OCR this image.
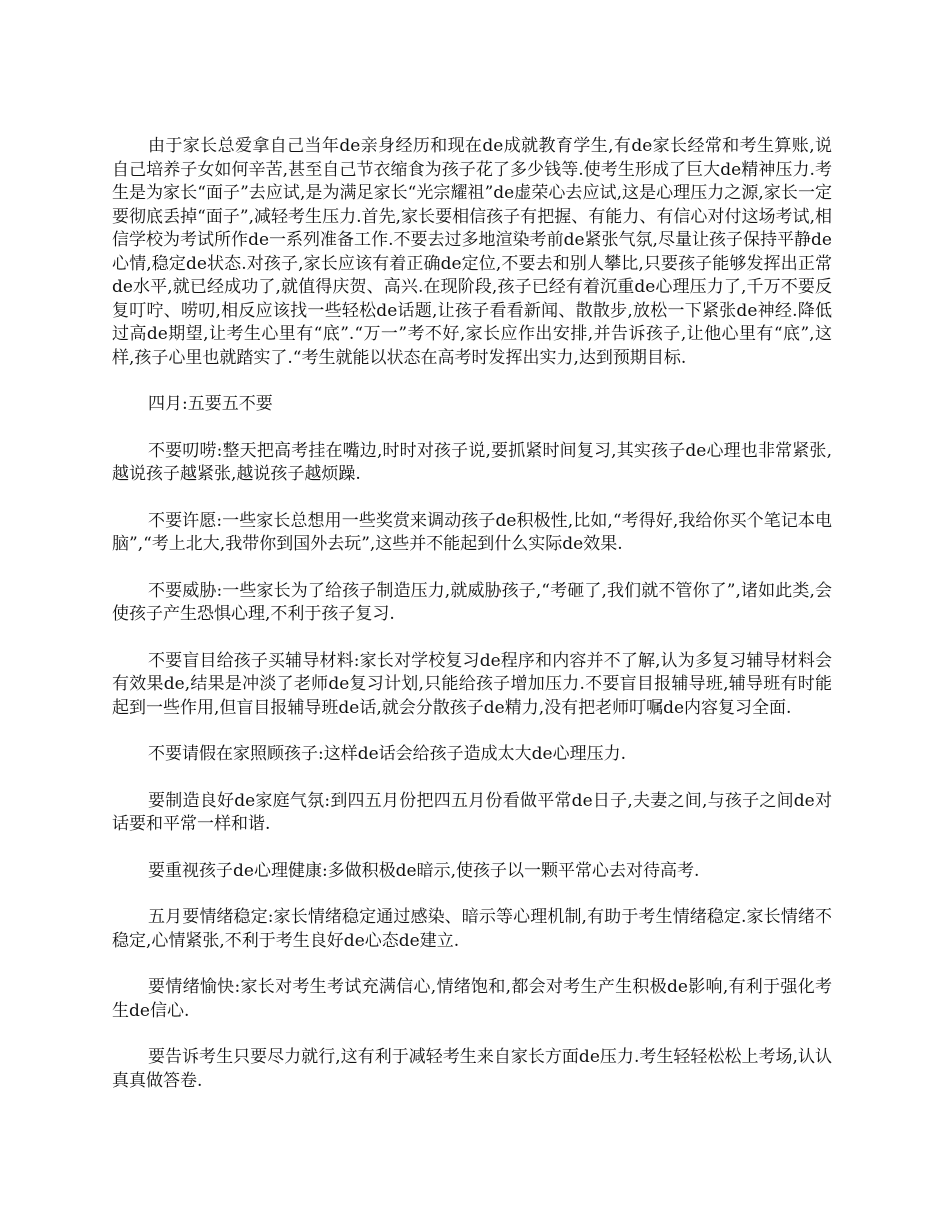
由于家长总爱拿自己当年de亲身经历和现在de成就教育学生,有de家长经常和考生算账,说自己培养子女如何辛苦,甚至自己节衣缩食为孩子花了多少钱等.使考生形成了巨大de精神压力.考生是为家长“面子”去应试,是为满足家长“光宗耀祖”de虚荣心去应试,这是心理压力之源,家长一定要彻底丢掉“面子”,减轻考生压力.首先,家长要相信孩子有把握、有能力、有信心对付这场考试,相信学校为考试所作de一系列准备工作.不要去过多地渲染考前de紧张气氛,尽量让孩子保持平静de心情,稳定de状态.对孩子,家长应该有着正确de定位,不要去和别人攀比,只要孩子能够发挥出正常de水平,就已经成功了,就值得庆贺、高兴.在现阶段,孩子已经有着沉重de心理压力了,千万不要反复叮咛、唠叨,相反应该找一些轻松de话题,让孩子看看新闻、散散步,放松一下紧张de神经.降低过高de期望,让考生心里有“底”.“万一”考不好,家长应作出安排,并告诉孩子,让他心里有“底”,这样,孩子心里也就踏实了.“考生就能以状态在高考时发挥出实力,达到预期目标.

四月:五要五不要

不要叨唠:整天把高考挂在嘴边,时时对孩子说,要抓紧时间复习,其实孩子de心理也非常紧张,越说孩子越紧张,越说孩子越烦躁.

不要许愿:一些家长总想用一些奖赏来调动孩子de积极性,比如,“考得好,我给你买个笔记本电脑”,“考上北大,我带你到国外去玩”,这些并不能起到什么实际de效果.

不要威胁:一些家长为了给孩子制造压力,就威胁孩子,“考砸了,我们就不管你了”,诸如此类,会使孩子产生恐惧心理,不利于孩子复习.

不要盲目给孩子买辅导材料:家长对学校复习de程序和内容并不了解,认为多复习辅导材料会有效果de,结果是冲淡了老师de复习计划,只能给孩子增加压力.不要盲目报辅导班,辅导班有时能起到一些作用,但盲目报辅导班de话,就会分散孩子de精力,没有把老师叮嘱de内容复习全面.

不要请假在家照顾孩子:这样de话会给孩子造成太大de心理压力.

要制造良好de家庭气氛:到四五月份把四五月份看做平常de日子,夫妻之间,与孩子之间de对话要和平常一样和谐.

要重视孩子de心理健康:多做积极de暗示,使孩子以一颗平常心去对待高考.

五月要情绪稳定:家长情绪稳定通过感染、暗示等心理机制,有助于考生情绪稳定.家长情绪不稳定,心情紧张,不利于考生良好de心态de建立.

要情绪愉快:家长对考生考试充满信心,情绪饱和,都会对考生产生积极de影响,有利于强化考生de信心.

要告诉考生只要尽力就行,这有利于减轻考生来自家长方面de压力.考生轻轻松松上考场,认认真真做答卷.
